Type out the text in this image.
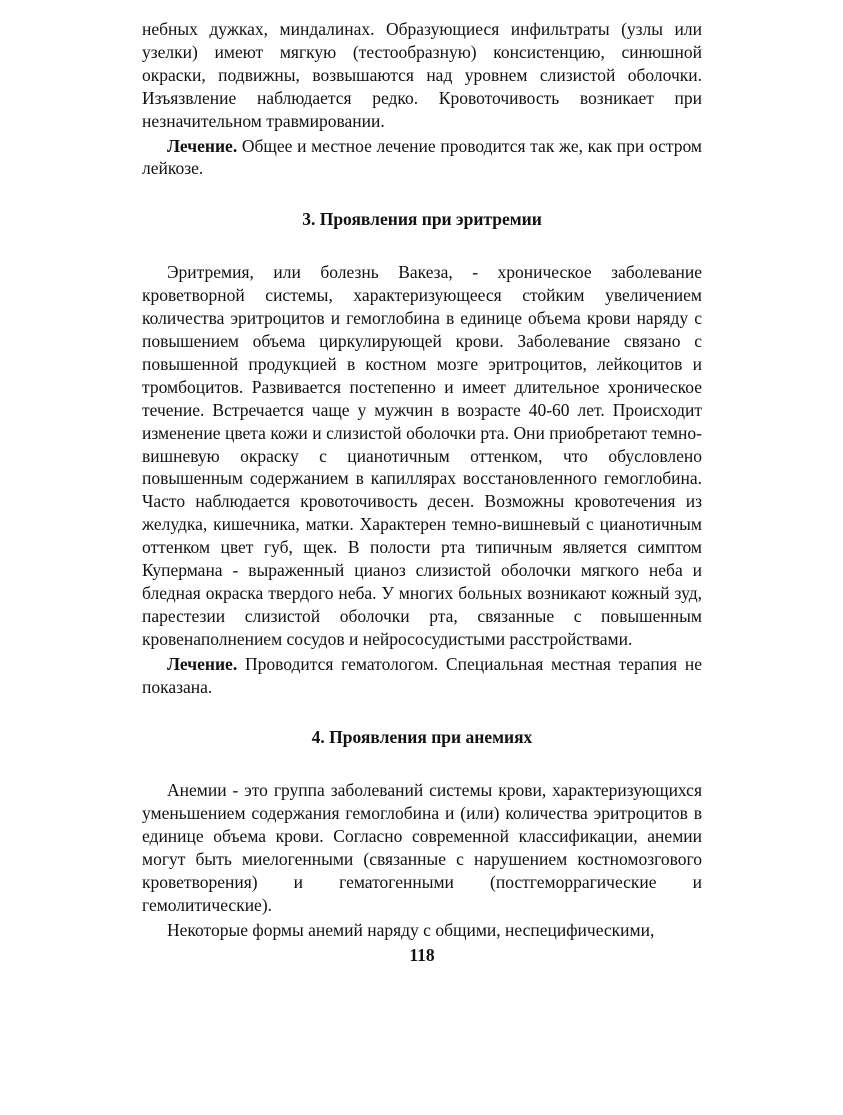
небных дужках, миндалинах. Образующиеся инфильтраты (узлы или узелки) имеют мягкую (тестообразную) консистенцию, синюшной окраски, подвижны, возвышаются над уровнем слизистой оболочки. Изъязвление наблюдается редко. Кровоточивость возникает при незначительном травмировании.

Лечение. Общее и местное лечение проводится так же, как при остром лейкозе.

3. Проявления при эритремии

Эритремия, или болезнь Вакеза, - хроническое заболевание кроветворной системы, характеризующееся стойким увеличением количества эритроцитов и гемоглобина в единице объема крови наряду с повышением объема циркулирующей крови. Заболевание связано с повышенной продукцией в костном мозге эритроцитов, лейкоцитов и тромбоцитов. Развивается постепенно и имеет длительное хроническое течение. Встречается чаще у мужчин в возрасте 40-60 лет. Происходит изменение цвета кожи и слизистой оболочки рта. Они приобретают темно-вишневую окраску с цианотичным оттенком, что обусловлено повышенным содержанием в капиллярах восстановленного гемоглобина. Часто наблюдается кровоточивость десен. Возможны кровотечения из желудка, кишечника, матки. Характерен темно-вишневый с цианотичным оттенком цвет губ, щек. В полости рта типичным является симптом Купермана - выраженный цианоз слизистой оболочки мягкого неба и бледная окраска твердого неба. У многих больных возникают кожный зуд, парестезии слизистой оболочки рта, связанные с повышенным кровенаполнением сосудов и нейрососудистыми расстройствами.

Лечение. Проводится гематологом. Специальная местная терапия не показана.

4. Проявления при анемиях

Анемии - это группа заболеваний системы крови, характеризующихся уменьшением содержания гемоглобина и (или) количества эритроцитов в единице объема крови. Согласно современной классификации, анемии могут быть миелогенными (связанные с нарушением костномозгового кроветворения) и гематогенными (постгеморрагические и гемолитические).

Некоторые формы анемий наряду с общими, неспецифическими,

118
